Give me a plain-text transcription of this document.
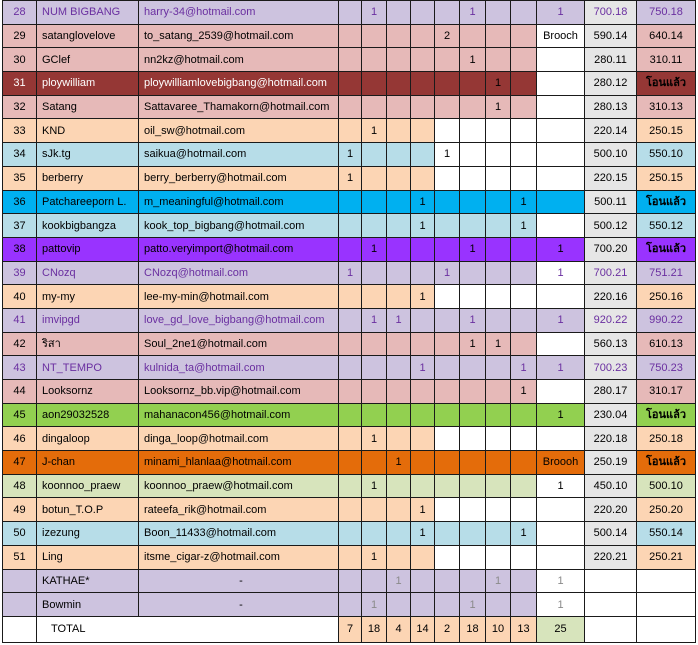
28	NUM BIGBANG	harry-34@hotmail.com		1				1			1	700.18	750.18
29	satanglovelove	to_satang_2539@hotmail.com					2				Brooch	590.14	640.14
30	GClef	nn2kz@hotmail.com						1				280.11	310.11
31	ploywilliam	ploywilliamlovebigbang@hotmail.com							1			280.12	โอนแล้ว
32	Satang	Sattavaree_Thamakorn@hotmail.com							1			280.13	310.13
33	KND	oil_sw@hotmail.com		1								220.14	250.15
34	sJk.tg	saikua@hotmail.com	1				1					500.10	550.10
35	berberry	berry_berberry@hotmail.com	1									220.15	250.15
36	Patchareeporn L.	m_meaningful@hotmail.com				1				1		500.11	โอนแล้ว
37	kookbigbangza	kook_top_bigbang@hotmail.com				1				1		500.12	550.12
38	pattovip	patto.veryimport@hotmail.com		1				1			1	700.20	โอนแล้ว
39	CNozq	CNozq@hotmail.com	1				1				1	700.21	751.21
40	my-my	lee-my-min@hotmail.com				1						220.16	250.16
41	imvipgd	love_gd_love_bigbang@hotmail.com		1	1			1			1	920.22	990.22
42	ริสา	Soul_2ne1@hotmail.com						1	1			560.13	610.13
43	NT_TEMPO	kulnida_ta@hotmail.com				1				1	1	700.23	750.23
44	Looksornz	Looksornz_bb.vip@hotmail.com								1		280.17	310.17
45	aon29032528	mahanacon456@hotmail.com									1	230.04	โอนแล้ว
46	dingaloop	dinga_loop@hotmail.com		1								220.18	250.18
47	J-chan	minami_hlanlaa@hotmail.com			1						Broooh	250.19	โอนแล้ว
48	koonnoo_praew	koonnoo_praew@hotmail.com		1							1	450.10	500.10
49	botun_T.O.P	rateefa_rik@hotmail.com				1						220.20	250.20
50	izezung	Boon_11433@hotmail.com				1				1		500.14	550.14
51	Ling	itsme_cigar-z@hotmail.com		1								220.21	250.21
	KATHAE*	-			1				1		1		
	Bowmin	-		1				1			1		
	TOTAL		7	18	4	14	2	18	10	13	25		
